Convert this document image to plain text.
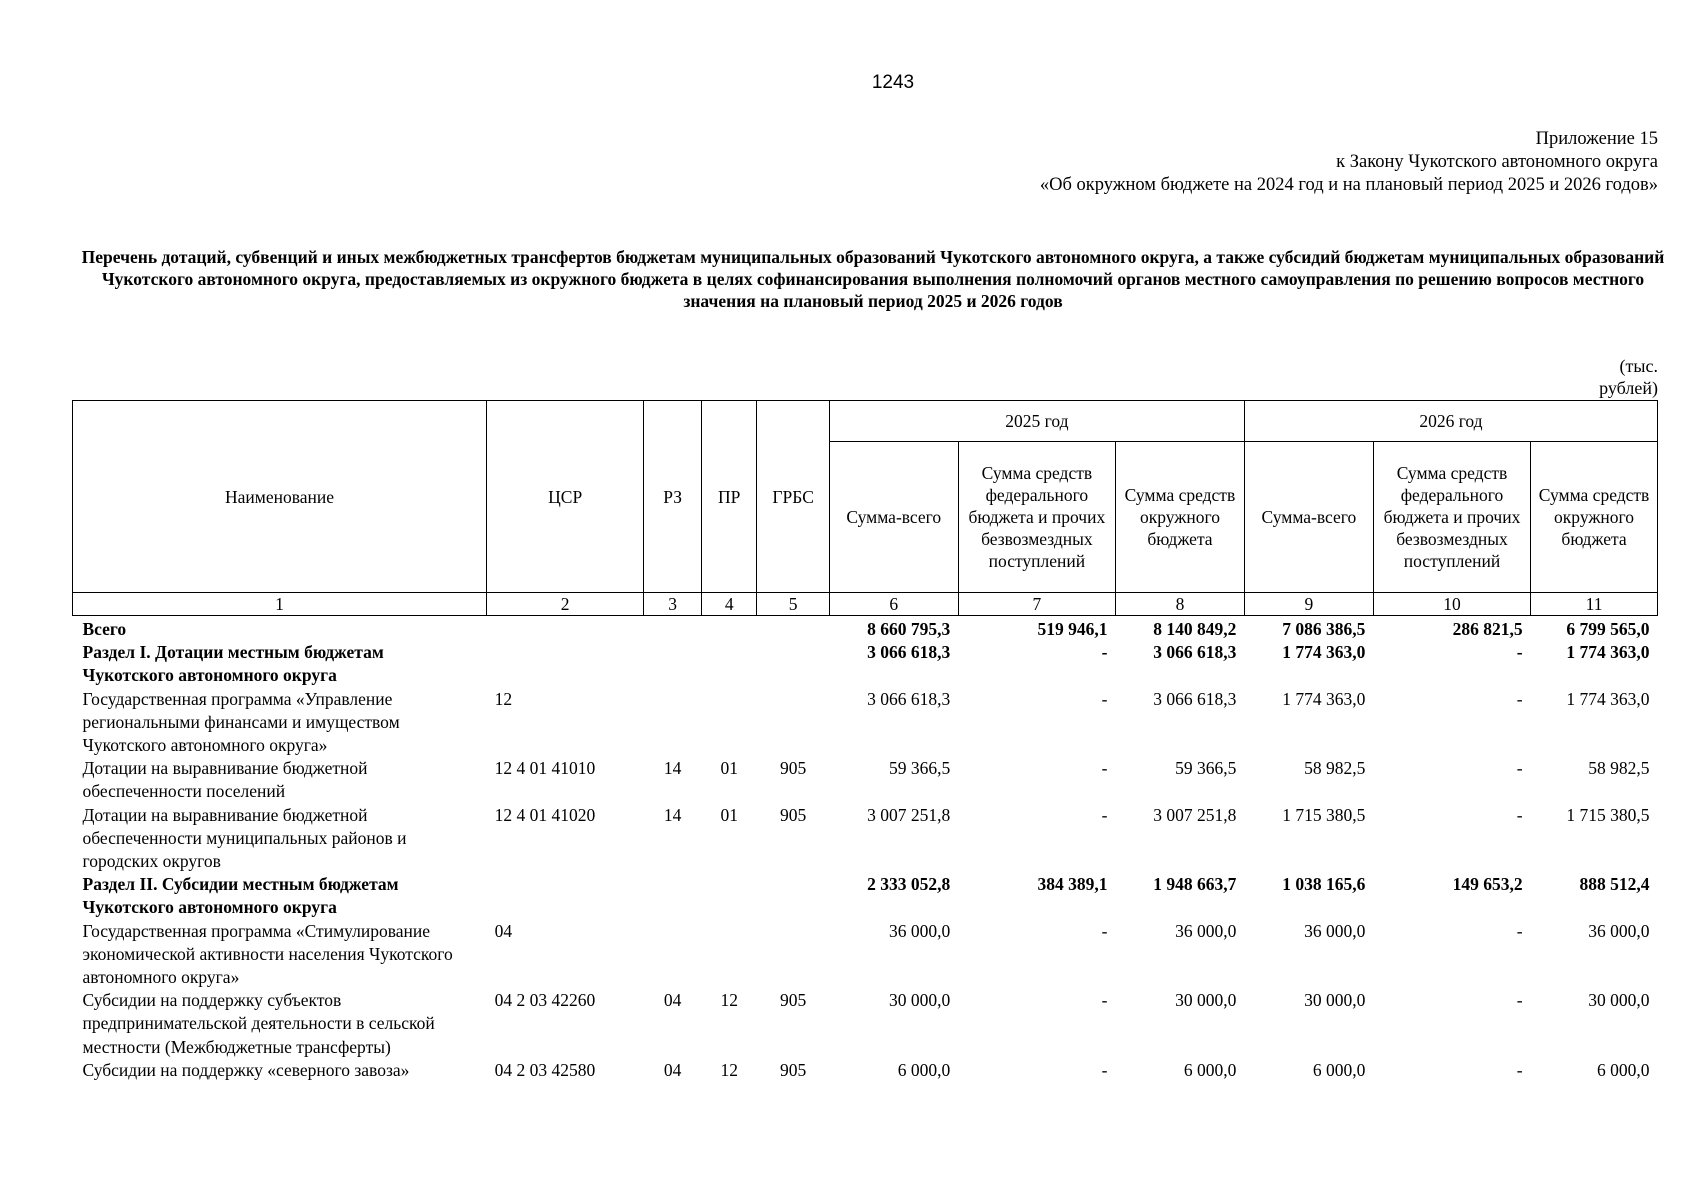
1243
Приложение 15
к Закону Чукотского автономного округа
«Об окружном бюджете на 2024 год и на плановый период 2025 и 2026 годов»
Перечень дотаций, субвенций и иных межбюджетных трансфертов бюджетам муниципальных образований Чукотского автономного округа, а также субсидий бюджетам муниципальных образований Чукотского автономного округа, предоставляемых из окружного бюджета в целях софинансирования выполнения полномочий органов местного самоуправления по решению вопросов местного значения на плановый период 2025 и 2026 годов
(тыс. рублей)
Наименование	ЦСР	РЗ	ПР	ГРБС	2025 год			2026 год		
					Сумма-всего	Сумма средств федерального бюджета и прочих безвозмездных поступлений	Сумма средств окружного бюджета	Сумма-всего	Сумма средств федерального бюджета и прочих безвозмездных поступлений	Сумма средств окружного бюджета
1	2	3	4	5	6	7	8	9	10	11
Всего					8 660 795,3	519 946,1	8 140 849,2	7 086 386,5	286 821,5	6 799 565,0
Раздел I. Дотации местным бюджетам Чукотского автономного округа					3 066 618,3	-	3 066 618,3	1 774 363,0	-	1 774 363,0
Государственная программа «Управление региональными финансами и имуществом Чукотского автономного округа»	12				3 066 618,3	-	3 066 618,3	1 774 363,0	-	1 774 363,0
Дотации на выравнивание бюджетной обеспеченности поселений	12 4 01 41010	14	01	905	59 366,5	-	59 366,5	58 982,5	-	58 982,5
Дотации на выравнивание бюджетной обеспеченности муниципальных районов и городских округов	12 4 01 41020	14	01	905	3 007 251,8	-	3 007 251,8	1 715 380,5	-	1 715 380,5
Раздел II. Субсидии местным бюджетам Чукотского автономного округа					2 333 052,8	384 389,1	1 948 663,7	1 038 165,6	149 653,2	888 512,4
Государственная программа «Стимулирование экономической активности населения Чукотского автономного округа»	04				36 000,0	-	36 000,0	36 000,0	-	36 000,0
Субсидии на поддержку субъектов предпринимательской деятельности в сельской местности (Межбюджетные трансферты)	04 2 03 42260	04	12	905	30 000,0	-	30 000,0	30 000,0	-	30 000,0
Субсидии на поддержку «северного завоза»	04 2 03 42580	04	12	905	6 000,0	-	6 000,0	6 000,0	-	6 000,0
